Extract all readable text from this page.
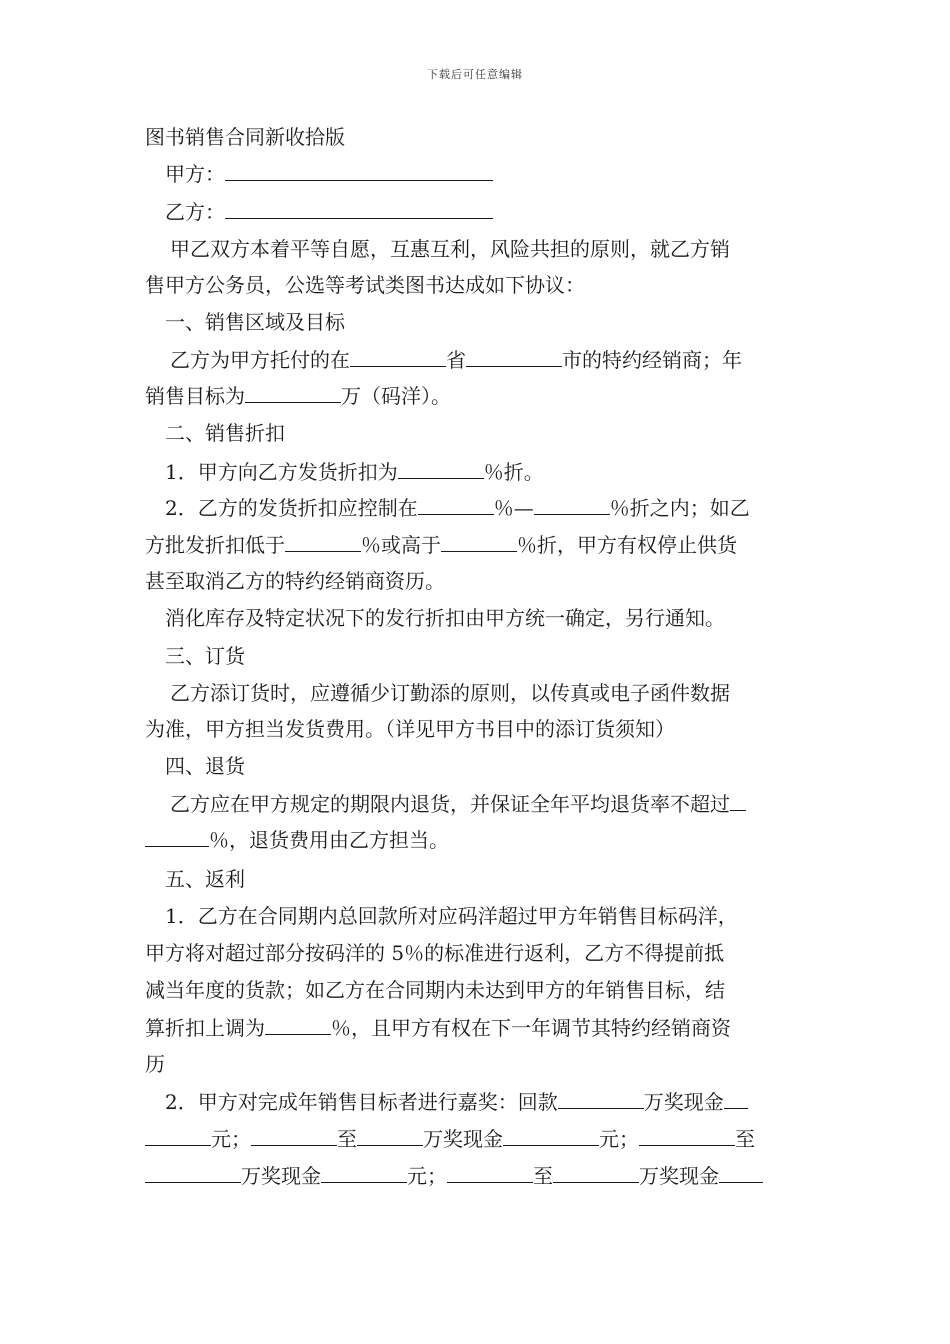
下载后可任意编辑
图书销售合同新收拾版
甲方：
乙方：
甲乙双方本着平等自愿，互惠互利，风险共担的原则，就乙方销
售甲方公务员，公选等考试类图书达成如下协议：
一、销售区域及目标
乙方为甲方托付的在	省	市的特约经销商；年
销售目标为	万（码洋）。
二、销售折扣
1．甲方向乙方发货折扣为	％折。
2．乙方的发货折扣应控制在	％—	％折之内；如乙
方批发折扣低于	％或高于	％折，甲方有权停止供货
甚至取消乙方的特约经销商资历。
消化库存及特定状况下的发行折扣由甲方统一确定，另行通知。
三、订货
乙方添订货时，应遵循少订勤添的原则，以传真或电子函件数据
为准，甲方担当发货费用。（详见甲方书目中的添订货须知）
四、退货
乙方应在甲方规定的期限内退货，并保证全年平均退货率不超过
％，退货费用由乙方担当。
五、返利
1．乙方在合同期内总回款所对应码洋超过甲方年销售目标码洋，
甲方将对超过部分按码洋的 5％的标准进行返利，乙方不得提前抵
减当年度的货款；如乙方在合同期内未达到甲方的年销售目标，结
算折扣上调为	％，且甲方有权在下一年调节其特约经销商资
历
2．甲方对完成年销售目标者进行嘉奖：回款	万奖现金
元；	至	万奖现金	元；	至
万奖现金	元；	至	万奖现金
